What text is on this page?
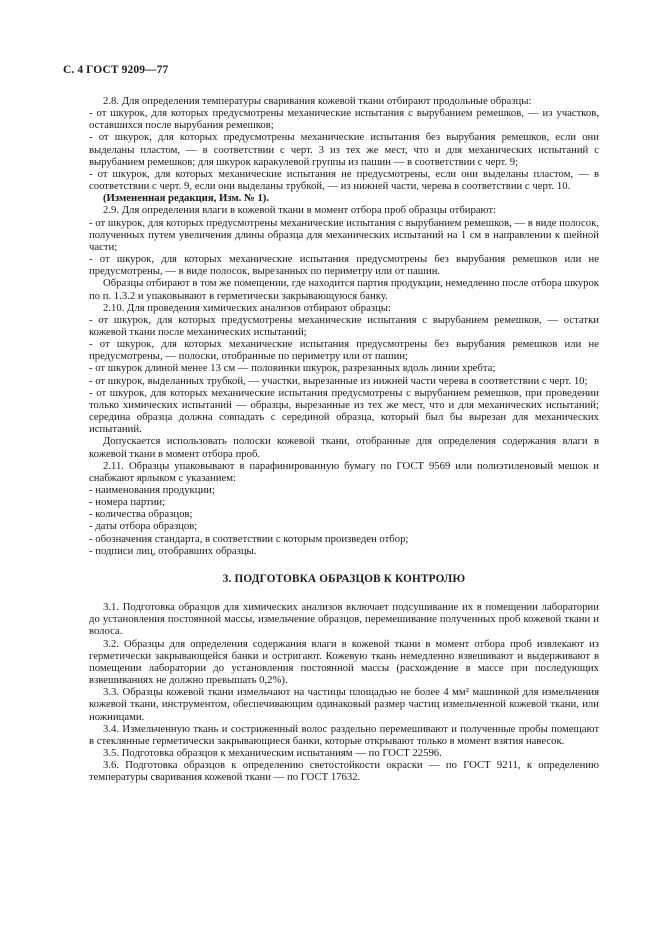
С. 4 ГОСТ 9209—77

2.8. Для определения температуры сваривания кожевой ткани отбирают продольные образцы:

- от шкурок, для которых предусмотрены механические испытания с вырубанием ремешков, — из участков, оставшихся после вырубания ремешков;

- от шкурок, для которых предусмотрены механические испытания без вырубания ремешков, если они выделаны пластом, — в соответствии с черт. 3 из тех же мест, что и для механических испытаний с вырубанием ремешков; для шкурок каракулевой группы из пашин — в соответствии с черт. 9;

- от шкурок, для которых механические испытания не предусмотрены, если они выделаны пластом, — в соответствии с черт. 9, если они выделаны трубкой, — из нижней части, черева в соответствии с черт. 10.

(Измененная редакция, Изм. № 1).

2.9. Для определения влаги в кожевой ткани в момент отбора проб образцы отбирают:

- от шкурок, для которых предусмотрены механические испытания с вырубанием ремешков, — в виде полосок, полученных путем увеличения длины образца для механических испытаний на 1 см в направлении к шейной части;

- от шкурок, для которых механические испытания предусмотрены без вырубания ремешков или не предусмотрены, — в виде полосок, вырезанных по периметру или от пашин.

Образцы отбирают в том же помещении, где находится партия продукции, немедленно после отбора шкурок по п. 1.3.2 и упаковывают в герметически закрывающуюся банку.

2.10. Для проведения химических анализов отбирают образцы:

- от шкурок, для которых предусмотрены механические испытания с вырубанием ремешков, — остатки кожевой ткани после механических испытаний;

- от шкурок, для которых механические испытания предусмотрены без вырубания ремешков или не предусмотрены, — полоски, отобранные по периметру или от пашин;

- от шкурок длиной менее 13 см — половинки шкурок, разрезанных вдоль линии хребта;

- от шкурок, выделанных трубкой, — участки, вырезанные из нижней части черева в соответствии с черт. 10;

- от шкурок, для которых механические испытания предусмотрены с вырубанием ремешков, при проведении только химических испытаний — образцы, вырезанные из тех же мест, что и для механических испытаний; середина образца должна совпадать с серединой образца, который был бы вырезан для механических испытаний.

Допускается использовать полоски кожевой ткани, отобранные для определения содержания влаги в кожевой ткани в момент отбора проб.

2.11. Образцы упаковывают в парафинированную бумагу по ГОСТ 9569 или полиэтиленовый мешок и снабжают ярлыком с указанием:

- наименования продукции;

- номера партии;

- количества образцов;

- даты отбора образцов;

- обозначения стандарта, в соответствии с которым произведен отбор;

- подписи лиц, отобравших образцы.

3. ПОДГОТОВКА ОБРАЗЦОВ К КОНТРОЛЮ

3.1. Подготовка образцов для химических анализов включает подсушивание их в помещении лаборатории до установления постоянной массы, измельчение образцов, перемешивание полученных проб кожевой ткани и волоса.

3.2. Образцы для определения содержания влаги в кожевой ткани в момент отбора проб извлекают из герметически закрывающейся банки и остригают. Кожевую ткань немедленно взвешивают и выдерживают в помещении лаборатории до установления постоянной массы (расхождение в массе при последующих взвешиваниях не должно превышать 0,2%).

3.3. Образцы кожевой ткани измельчают на частицы площадью не более 4 мм² машинкой для измельчения кожевой ткани, инструментом, обеспечивающим одинаковый размер частиц измельченной кожевой ткани, или ножницами.

3.4. Измельченную ткань и состриженный волос раздельно перемешивают и полученные пробы помещают в стеклянные герметически закрывающиеся банки, которые открывают только в момент взятия навесок.

3.5. Подготовка образцов к механическим испытаниям — по ГОСТ 22596.

3.6. Подготовка образцов к определению светостойкости окраски — по ГОСТ 9211, к определению температуры сваривания кожевой ткани — по ГОСТ 17632.
